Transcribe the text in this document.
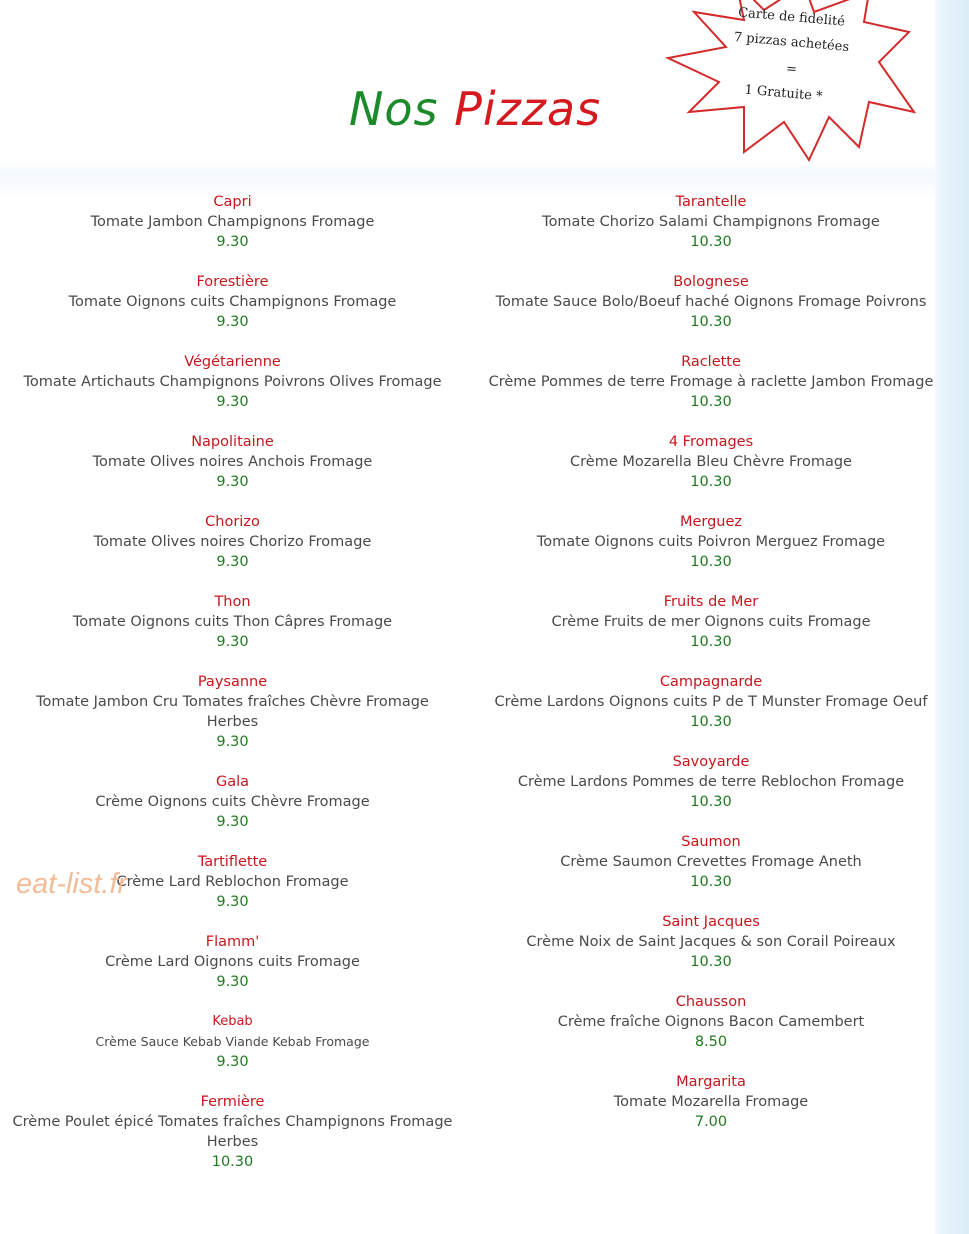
Nos Pizzas
Carte de fidelité
7 pizzas achetées
=
1 Gratuite *
Capri
Tomate Jambon Champignons Fromage
9.30
Forestière
Tomate Oignons cuits Champignons Fromage
9.30
Végétarienne
Tomate Artichauts Champignons Poivrons Olives Fromage
9.30
Napolitaine
Tomate Olives noires Anchois Fromage
9.30
Chorizo
Tomate Olives noires Chorizo Fromage
9.30
Thon
Tomate Oignons cuits Thon Câpres Fromage
9.30
Paysanne
Tomate Jambon Cru Tomates fraîches Chèvre Fromage Herbes
9.30
Gala
Crème Oignons cuits Chèvre Fromage
9.30
Tartiflette
Crème Lard Reblochon Fromage
9.30
Flamm'
Crème Lard Oignons cuits Fromage
9.30
Kebab
Crème Sauce Kebab Viande Kebab Fromage
9.30
Fermière
Crème Poulet épicé Tomates fraîches Champignons Fromage Herbes
10.30
Tarantelle
Tomate Chorizo Salami Champignons Fromage
10.30
Bolognese
Tomate Sauce Bolo/Boeuf haché Oignons Fromage Poivrons
10.30
Raclette
Crème Pommes de terre Fromage à raclette Jambon Fromage
10.30
4 Fromages
Crème Mozarella Bleu Chèvre Fromage
10.30
Merguez
Tomate Oignons cuits Poivron Merguez Fromage
10.30
Fruits de Mer
Crème Fruits de mer Oignons cuits Fromage
10.30
Campagnarde
Crème Lardons Oignons cuits P de T Munster Fromage Oeuf
10.30
Savoyarde
Crème Lardons Pommes de terre Reblochon Fromage
10.30
Saumon
Crème Saumon Crevettes Fromage Aneth
10.30
Saint Jacques
Crème Noix de Saint Jacques & son Corail Poireaux
10.30
Chausson
Crème fraîche Oignons Bacon Camembert
8.50
Margarita
Tomate Mozarella Fromage
7.00
eat-list.fr
